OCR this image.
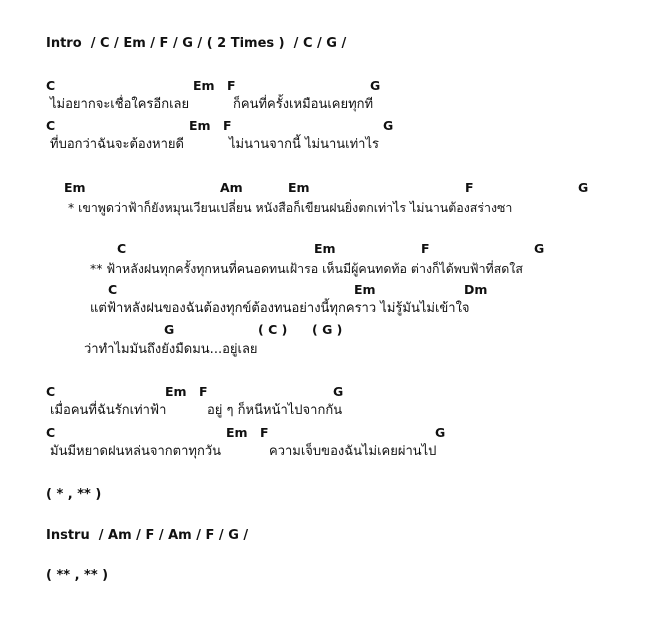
Intro  / C / Em / F / G / ( 2 Times )  / C / G /
C	Em F	G
ไม่อยากจะเชื่อใครอีกเลย	ก็คนที่ครั้งเหมือนเคยทุกที
C	Em F	G
ที่บอกว่าฉันจะต้องหายดี	ไม่นานจากนี้ ไม่นานเท่าไร
Em	Am	Em	F	G
* เขาพูดว่าฟ้าก็ยังหมุนเวียนเปลี่ยน หนังสือก็เขียนฝนยิ่งตกเท่าไร ไม่นานต้องสร่างซา
C	Em	F	G
** ฟ้าหลังฝนทุกครั้งทุกหนที่คนอดทนเฝ้ารอ เห็นมีผู้คนทดท้อ ต่างก็ได้พบฟ้าที่สดใส
C	Em	Dm
แต่ฟ้าหลังฝนของฉันต้องทุกข์ต้องทนอย่างนี้ทุกคราว ไม่รู้มันไม่เข้าใจ
G	( C ) ( G )
ว่าทำไมมันถึงยังมืดมน...อยู่เลย
C	Em F	G
เมื่อคนที่ฉันรักเท่าฟ้า	อยู่ ๆ ก็หนีหน้าไปจากกัน
C	Em F	G
มันมีหยาดฝนหล่นจากตาทุกวัน	ความเจ็บของฉันไม่เคยผ่านไป
( * , ** )
Instru  / Am / F / Am / F / G /
( ** , ** )
